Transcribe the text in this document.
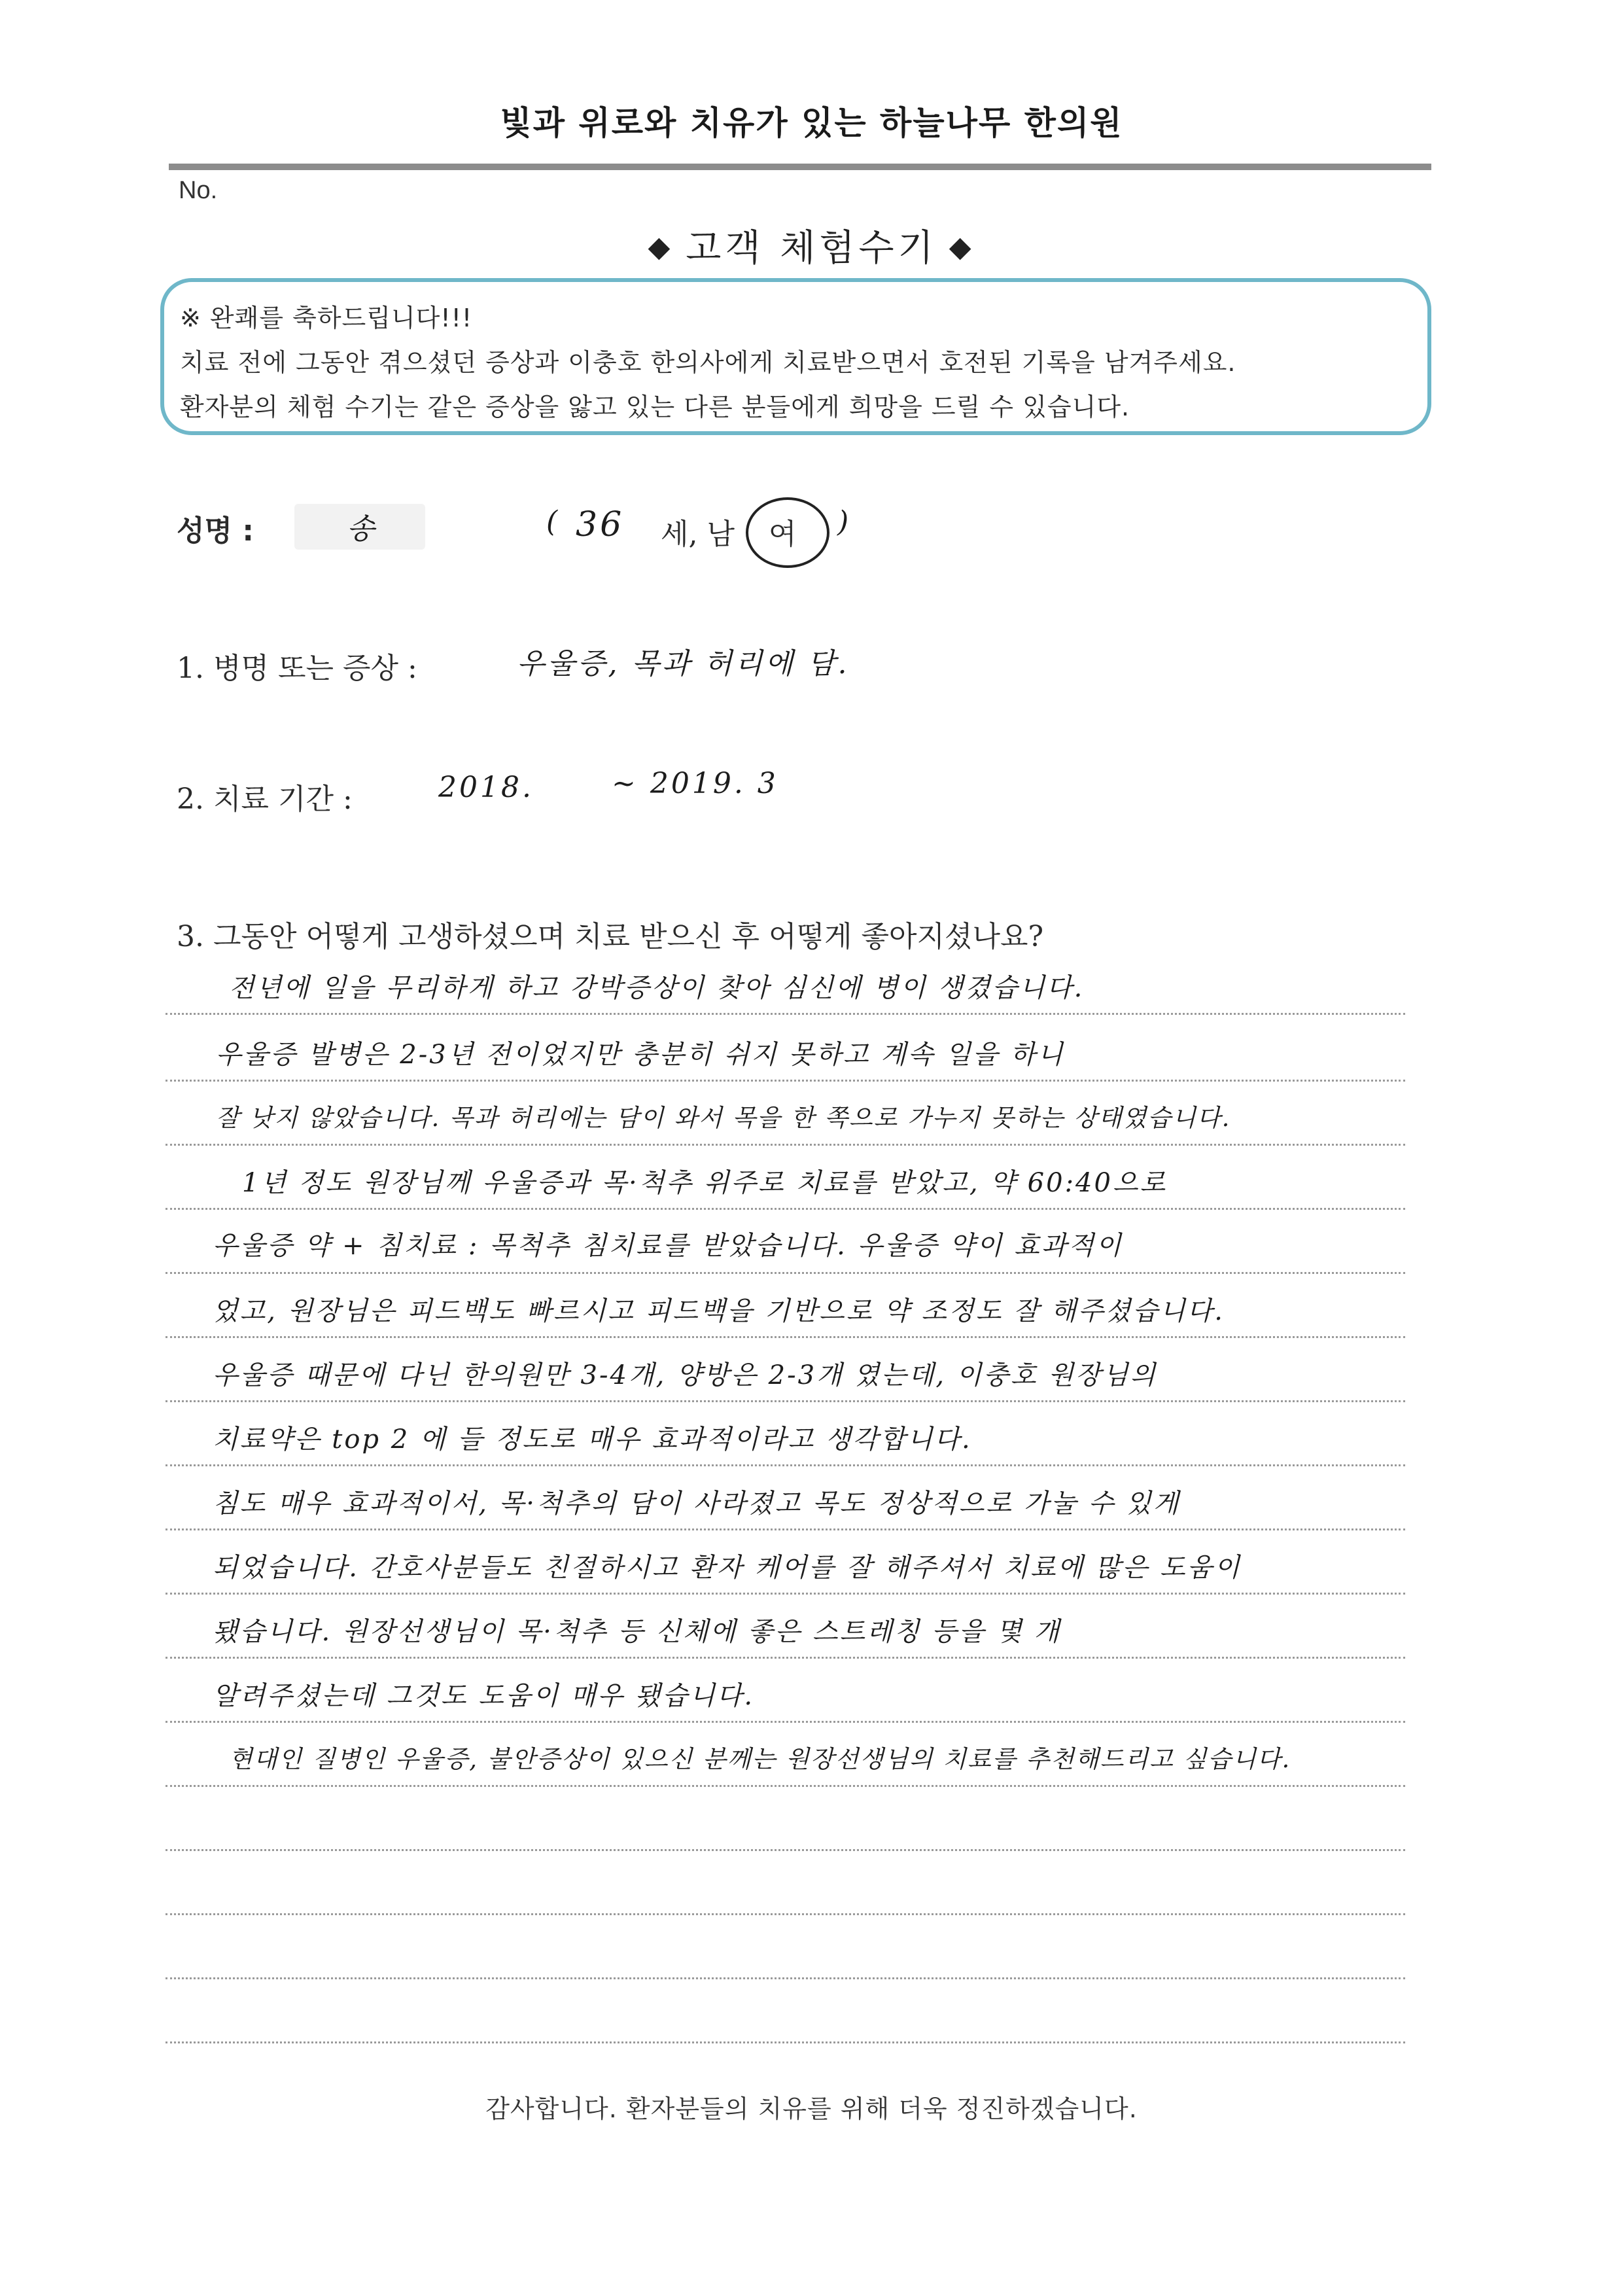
빛과 위로와 치유가 있는 하늘나무 한의원
No.
◆ 고객 체험수기 ◆
※ 완쾌를 축하드립니다!!!
치료 전에 그동안 겪으셨던 증상과 이충호 한의사에게 치료받으면서 호전된 기록을 남겨주세요.
환자분의 체험 수기는 같은 증상을 앓고 있는 다른 분들에게 희망을 드릴 수 있습니다.
성명 :	송	( 36 세, 남 여 )
1. 병명 또는 증상 :	우울증, 목과 허리에 담.
2. 치료 기간 :	2018.	~ 2019. 3
3. 그동안 어떻게 고생하셨으며 치료 받으신 후 어떻게 좋아지셨나요?
전년에 일을 무리하게 하고 강박증상이 찾아 심신에 병이 생겼습니다.
우울증 발병은 2-3년 전이었지만 충분히 쉬지 못하고 계속 일을 하니
잘 낫지 않았습니다. 목과 허리에는 담이 와서 목을 한 쪽으로 가누지 못하는 상태였습니다.
1년 정도 원장님께 우울증과 목·척추 위주로 치료를 받았고, 약 60:40으로
우울증 약 + 침치료 : 목척추 침치료를 받았습니다. 우울증 약이 효과적이
었고, 원장님은 피드백도 빠르시고 피드백을 기반으로 약 조정도 잘 해주셨습니다.
우울증 때문에 다닌 한의원만 3-4개, 양방은 2-3개 였는데, 이충호 원장님의
치료약은 top 2 에 들 정도로 매우 효과적이라고 생각합니다.
침도 매우 효과적이서, 목·척추의 담이 사라졌고 목도 정상적으로 가눌 수 있게
되었습니다. 간호사분들도 친절하시고 환자 케어를 잘 해주셔서 치료에 많은 도움이
됐습니다. 원장선생님이 목·척추 등 신체에 좋은 스트레칭 등을 몇 개
알려주셨는데 그것도 도움이 매우 됐습니다.
현대인 질병인 우울증, 불안증상이 있으신 분께는 원장선생님의 치료를 추천해드리고 싶습니다.
감사합니다. 환자분들의 치유를 위해 더욱 정진하겠습니다.
